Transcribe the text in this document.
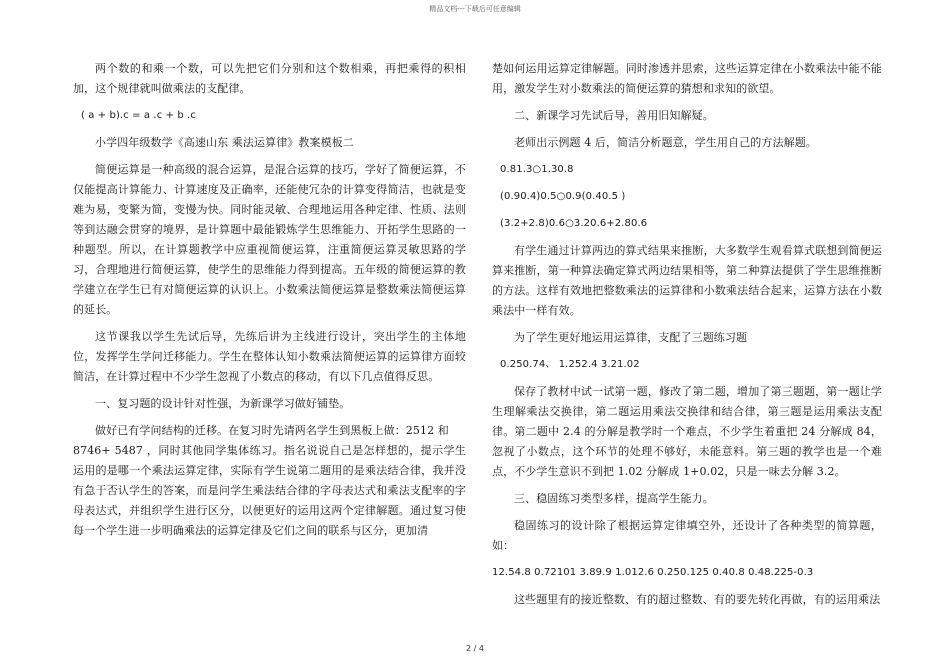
精品文档---下载后可任意编辑

两个数的和乘一个数，可以先把它们分别和这个数相乘，再把乘得的积相加，这个规律就叫做乘法的支配律。

( a + b).c = a .c + b .c

小学四年级数学《高速山东 乘法运算律》教案模板二

简便运算是一种高级的混合运算，是混合运算的技巧，学好了简便运算，不仅能提高计算能力、计算速度及正确率，还能使冗杂的计算变得简洁，也就是变难为易，变繁为简，变慢为快。同时能灵敏、合理地运用各种定律、性质、法则等到达融会贯穿的境界，是计算题中最能锻炼学生思维能力、开拓学生思路的一种题型。所以，在计算题教学中应重视简便运算，注重简便运算灵敏思路的学习，合理地进行简便运算，使学生的思维能力得到提高。五年级的简便运算的教学建立在学生已有对简便运算的认识上。小数乘法简便运算是整数乘法简便运算的延长。

这节课我以学生先试后导，先练后讲为主线进行设计，突出学生的主体地位，发挥学生学问迁移能力。学生在整体认知小数乘法简便运算的运算律方面较简洁，在计算过程中不少学生忽视了小数点的移动，有以下几点值得反思。

一、复习题的设计针对性强，为新课学习做好铺垫。

做好已有学问结构的迁移。在复习时先请两名学生到黑板上做：2512 和

8746+ 5487 ，同时其他同学集体练习。指名说说自己是怎样想的，提示学生运用的是哪一个乘法运算定律，实际有学生说第二题用的是乘法结合律，我并没有急于否认学生的答案，而是问学生乘法结合律的字母表达式和乘法支配率的字母表达式，并组织学生进行区分，以便更好的运用这两个定律解题。通过复习使每一个学生进一步明确乘法的运算定律及它们之间的联系与区分，更加清

楚如何运用运算定律解题。同时渗透并思索，这些运算定律在小数乘法中能不能用，激发学生对小数乘法的简便运算的猜想和求知的欲望。

二、新课学习先试后导，善用旧知解疑。

老师出示例题 4 后，简洁分析题意，学生用自己的方法解题。

0.81.3○1.30.8

(0.90.4)0.5○0.9(0.40.5 )

(3.2+2.8)0.6○3.20.6+2.80.6

有学生通过计算两边的算式结果来推断，大多数学生观看算式联想到简便运算来推断，第一种算法确定算式两边结果相等，第二种算法提供了学生思维推断的方法。这样有效地把整数乘法的运算律和小数乘法结合起来，运算方法在小数乘法中一样有效。

为了学生更好地运用运算律，支配了三题练习题

0.250.74、 1.252.4 3.21.02

保存了教材中试一试第一题，修改了第二题，增加了第三题题，第一题让学生理解乘法交换律，第二题运用乘法交换律和结合律，第三题是运用乘法支配律。第二题中 2.4 的分解是教学时一个难点，不少学生着重把 24 分解成 84，忽视了小数点，这个环节的处理不够好，未能意料。第三题的教学也是一个难点，不少学生意识不到把 1.02 分解成 1+0.02，只是一味去分解 3.2。

三、稳固练习类型多样，提高学生能力。

稳固练习的设计除了根据运算定律填空外，还设计了各种类型的简算题，如：

12.54.8 0.72101 3.89.9 1.012.6 0.250.125 0.40.8 0.48.225-0.3

这些题里有的接近整数、有的超过整数、有的要先转化再做，有的运用乘法

2 / 4
